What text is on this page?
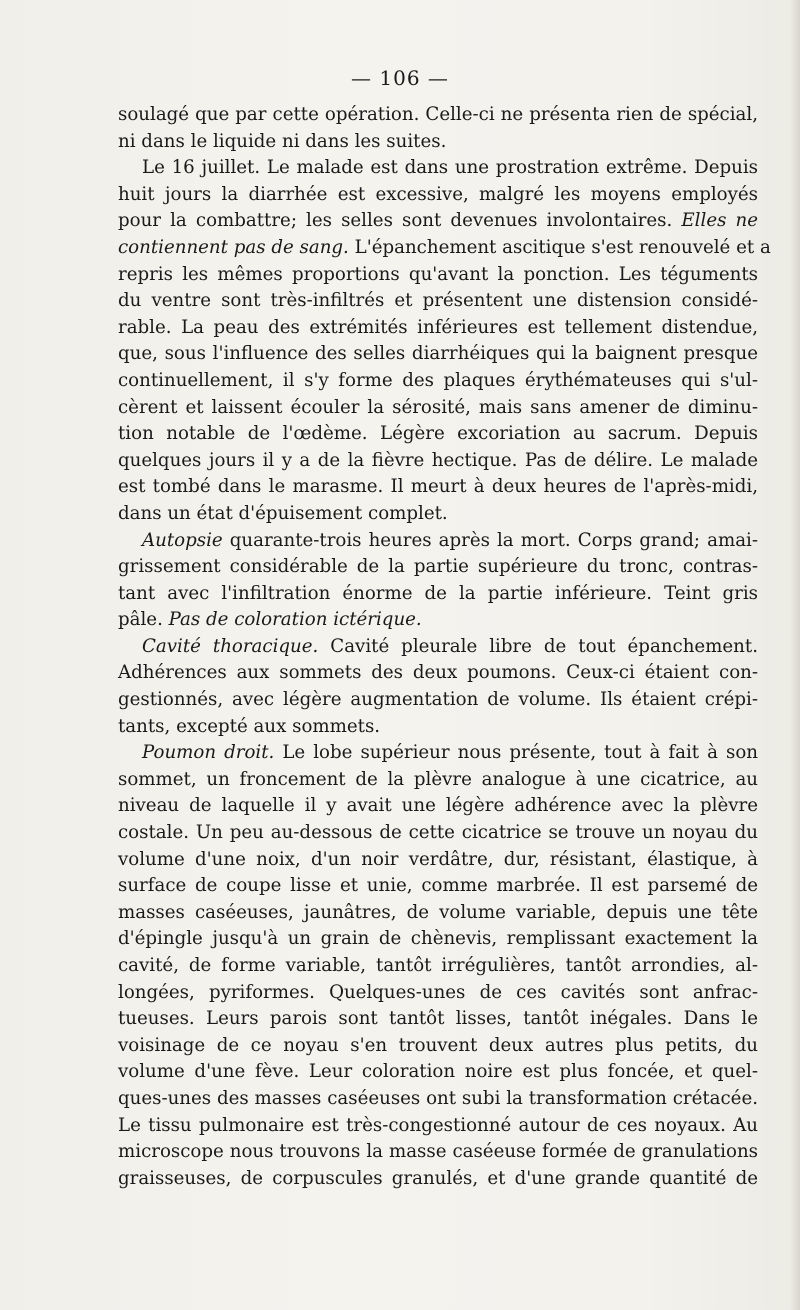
— 106 —
soulagé que par cette opération. Celle-ci ne présenta rien de spécial,
ni dans le liquide ni dans les suites.
Le 16 juillet. Le malade est dans une prostration extrême. Depuis
huit jours la diarrhée est excessive, malgré les moyens employés
pour la combattre; les selles sont devenues involontaires. Elles ne
contiennent pas de sang. L'épanchement ascitique s'est renouvelé et a
repris les mêmes proportions qu'avant la ponction. Les téguments
du ventre sont très-infiltrés et présentent une distension considé-
rable. La peau des extrémités inférieures est tellement distendue,
que, sous l'influence des selles diarrhéiques qui la baignent presque
continuellement, il s'y forme des plaques érythémateuses qui s'ul-
cèrent et laissent écouler la sérosité, mais sans amener de diminu-
tion notable de l'œdème. Légère excoriation au sacrum. Depuis
quelques jours il y a de la fièvre hectique. Pas de délire. Le malade
est tombé dans le marasme. Il meurt à deux heures de l'après-midi,
dans un état d'épuisement complet.
Autopsie quarante-trois heures après la mort. Corps grand; amai-
grissement considérable de la partie supérieure du tronc, contras-
tant avec l'infiltration énorme de la partie inférieure. Teint gris
pâle. Pas de coloration ictérique.
Cavité thoracique. Cavité pleurale libre de tout épanchement.
Adhérences aux sommets des deux poumons. Ceux-ci étaient con-
gestionnés, avec légère augmentation de volume. Ils étaient crépi-
tants, excepté aux sommets.
Poumon droit. Le lobe supérieur nous présente, tout à fait à son
sommet, un froncement de la plèvre analogue à une cicatrice, au
niveau de laquelle il y avait une légère adhérence avec la plèvre
costale. Un peu au-dessous de cette cicatrice se trouve un noyau du
volume d'une noix, d'un noir verdâtre, dur, résistant, élastique, à
surface de coupe lisse et unie, comme marbrée. Il est parsemé de
masses caséeuses, jaunâtres, de volume variable, depuis une tête
d'épingle jusqu'à un grain de chènevis, remplissant exactement la
cavité, de forme variable, tantôt irrégulières, tantôt arrondies, al-
longées, pyriformes. Quelques-unes de ces cavités sont anfrac-
tueuses. Leurs parois sont tantôt lisses, tantôt inégales. Dans le
voisinage de ce noyau s'en trouvent deux autres plus petits, du
volume d'une fève. Leur coloration noire est plus foncée, et quel-
ques-unes des masses caséeuses ont subi la transformation crétacée.
Le tissu pulmonaire est très-congestionné autour de ces noyaux. Au
microscope nous trouvons la masse caséeuse formée de granulations
graisseuses, de corpuscules granulés, et d'une grande quantité de
